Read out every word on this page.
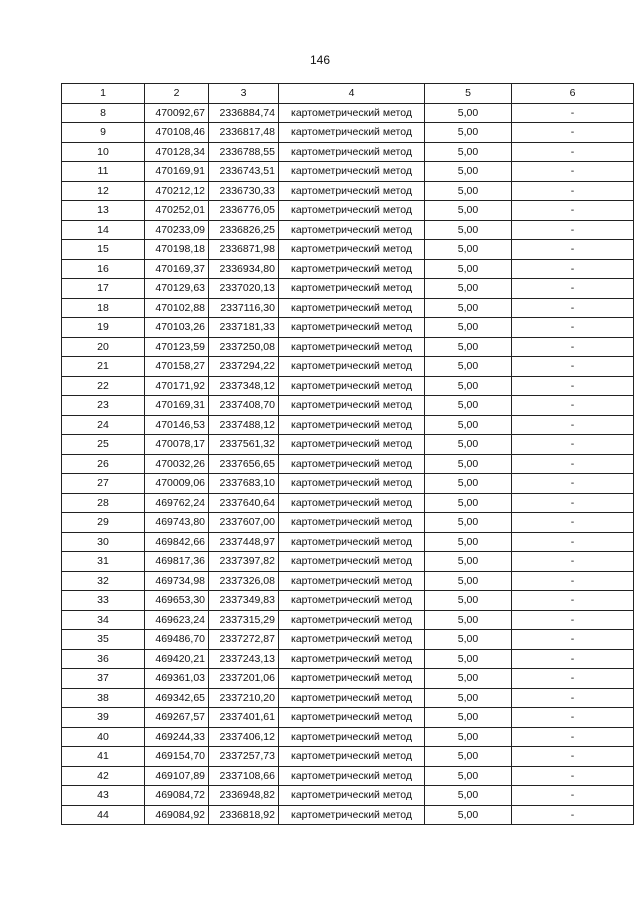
146
1	2	3	4	5	6
8	470092,67	2336884,74	картометрический метод	5,00	-
9	470108,46	2336817,48	картометрический метод	5,00	-
10	470128,34	2336788,55	картометрический метод	5,00	-
11	470169,91	2336743,51	картометрический метод	5,00	-
12	470212,12	2336730,33	картометрический метод	5,00	-
13	470252,01	2336776,05	картометрический метод	5,00	-
14	470233,09	2336826,25	картометрический метод	5,00	-
15	470198,18	2336871,98	картометрический метод	5,00	-
16	470169,37	2336934,80	картометрический метод	5,00	-
17	470129,63	2337020,13	картометрический метод	5,00	-
18	470102,88	2337116,30	картометрический метод	5,00	-
19	470103,26	2337181,33	картометрический метод	5,00	-
20	470123,59	2337250,08	картометрический метод	5,00	-
21	470158,27	2337294,22	картометрический метод	5,00	-
22	470171,92	2337348,12	картометрический метод	5,00	-
23	470169,31	2337408,70	картометрический метод	5,00	-
24	470146,53	2337488,12	картометрический метод	5,00	-
25	470078,17	2337561,32	картометрический метод	5,00	-
26	470032,26	2337656,65	картометрический метод	5,00	-
27	470009,06	2337683,10	картометрический метод	5,00	-
28	469762,24	2337640,64	картометрический метод	5,00	-
29	469743,80	2337607,00	картометрический метод	5,00	-
30	469842,66	2337448,97	картометрический метод	5,00	-
31	469817,36	2337397,82	картометрический метод	5,00	-
32	469734,98	2337326,08	картометрический метод	5,00	-
33	469653,30	2337349,83	картометрический метод	5,00	-
34	469623,24	2337315,29	картометрический метод	5,00	-
35	469486,70	2337272,87	картометрический метод	5,00	-
36	469420,21	2337243,13	картометрический метод	5,00	-
37	469361,03	2337201,06	картометрический метод	5,00	-
38	469342,65	2337210,20	картометрический метод	5,00	-
39	469267,57	2337401,61	картометрический метод	5,00	-
40	469244,33	2337406,12	картометрический метод	5,00	-
41	469154,70	2337257,73	картометрический метод	5,00	-
42	469107,89	2337108,66	картометрический метод	5,00	-
43	469084,72	2336948,82	картометрический метод	5,00	-
44	469084,92	2336818,92	картометрический метод	5,00	-
